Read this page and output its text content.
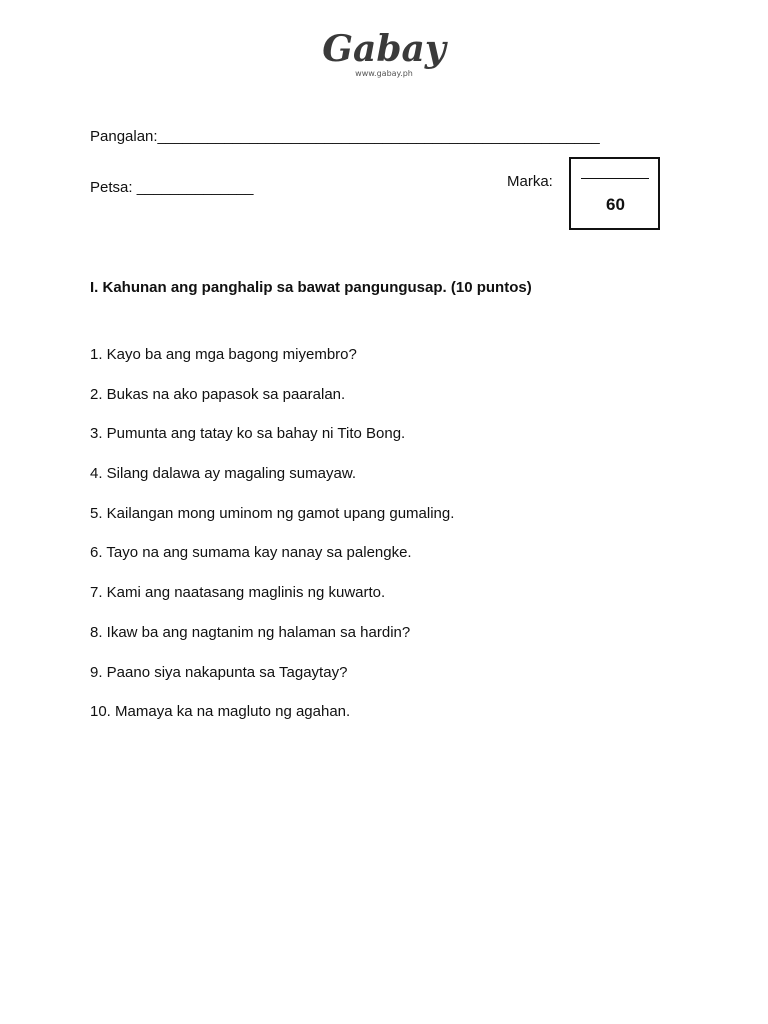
Gabay
www.gabay.ph
Pangalan:_____________________________________________________
Petsa: ______________	Marka:
60
I. Kahunan ang panghalip sa bawat pangungusap. (10 puntos)
1. Kayo ba ang mga bagong miyembro?
2. Bukas na ako papasok sa paaralan.
3. Pumunta ang tatay ko sa bahay ni Tito Bong.
4. Silang dalawa ay magaling sumayaw.
5. Kailangan mong uminom ng gamot upang gumaling.
6. Tayo na ang sumama kay nanay sa palengke.
7. Kami ang naatasang maglinis ng kuwarto.
8. Ikaw ba ang nagtanim ng halaman sa hardin?
9. Paano siya nakapunta sa Tagaytay?
10. Mamaya ka na magluto ng agahan.
